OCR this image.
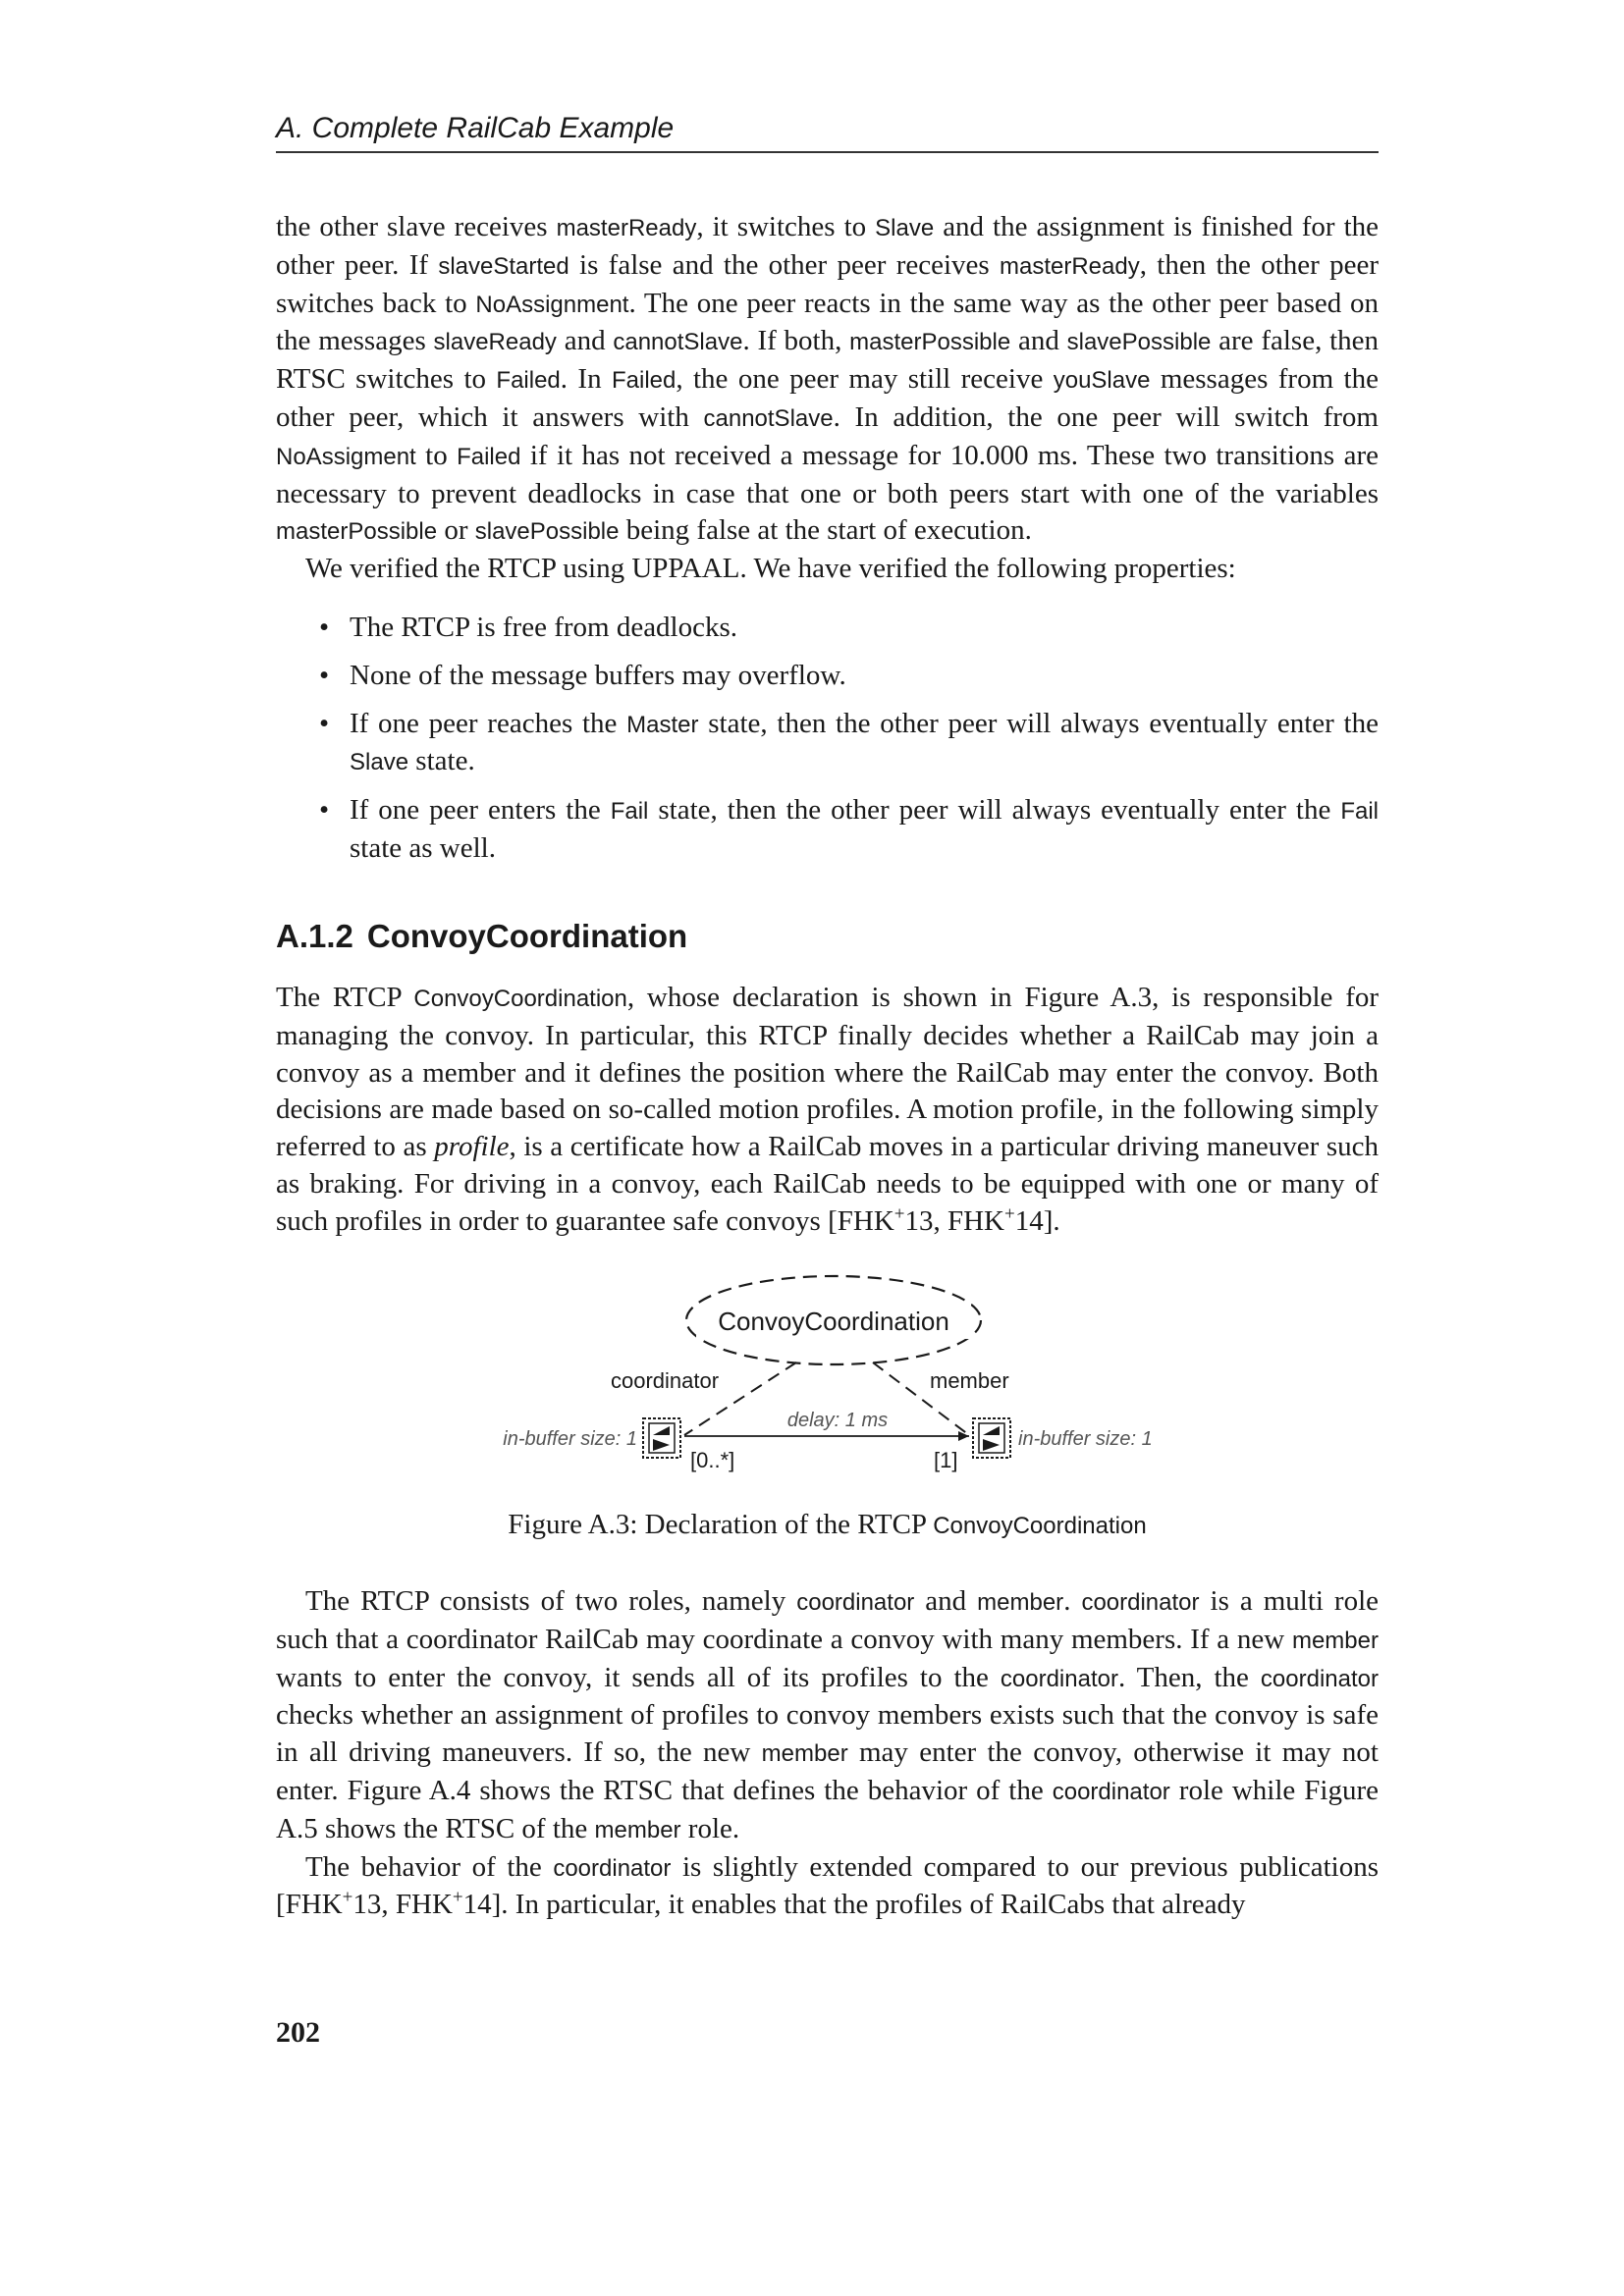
A. Complete RailCab Example

the other slave receives masterReady, it switches to Slave and the assignment is finished for the other peer. If slaveStarted is false and the other peer receives masterReady, then the other peer switches back to NoAssignment. The one peer reacts in the same way as the other peer based on the messages slaveReady and cannotSlave. If both, masterPossible and slavePossible are false, then RTSC switches to Failed. In Failed, the one peer may still receive youSlave messages from the other peer, which it answers with cannotSlave. In addition, the one peer will switch from NoAssigment to Failed if it has not received a message for 10.000 ms. These two transitions are necessary to prevent deadlocks in case that one or both peers start with one of the variables masterPossible or slavePossible being false at the start of execution.

We verified the RTCP using UPPAAL. We have verified the following properties:

• The RTCP is free from deadlocks.
• None of the message buffers may overflow.
• If one peer reaches the Master state, then the other peer will always eventually enter the Slave state.
• If one peer enters the Fail state, then the other peer will always eventually enter the Fail state as well.
A.1.2 ConvoyCoordination

The RTCP ConvoyCoordination, whose declaration is shown in Figure A.3, is responsible for managing the convoy. In particular, this RTCP finally decides whether a RailCab may join a convoy as a member and it defines the position where the RailCab may enter the convoy. Both decisions are made based on so-called motion profiles. A motion profile, in the following simply referred to as profile, is a certificate how a RailCab moves in a particular driving maneuver such as braking. For driving in a convoy, each RailCab needs to be equipped with one or many of such profiles in order to guarantee safe convoys [FHK+13, FHK+14].

ConvoyCoordination
coordinator	member
delay: 1 ms
in-buffer size: 1	in-buffer size: 1
[0..*]	[1]
Figure A.3: Declaration of the RTCP ConvoyCoordination

The RTCP consists of two roles, namely coordinator and member. coordinator is a multi role such that a coordinator RailCab may coordinate a convoy with many members. If a new member wants to enter the convoy, it sends all of its profiles to the coordinator. Then, the coordinator checks whether an assignment of profiles to convoy members exists such that the convoy is safe in all driving maneuvers. If so, the new member may enter the convoy, otherwise it may not enter. Figure A.4 shows the RTSC that defines the behavior of the coordinator role while Figure A.5 shows the RTSC of the member role.

The behavior of the coordinator is slightly extended compared to our previous publications [FHK+13, FHK+14]. In particular, it enables that the profiles of RailCabs that already

202
